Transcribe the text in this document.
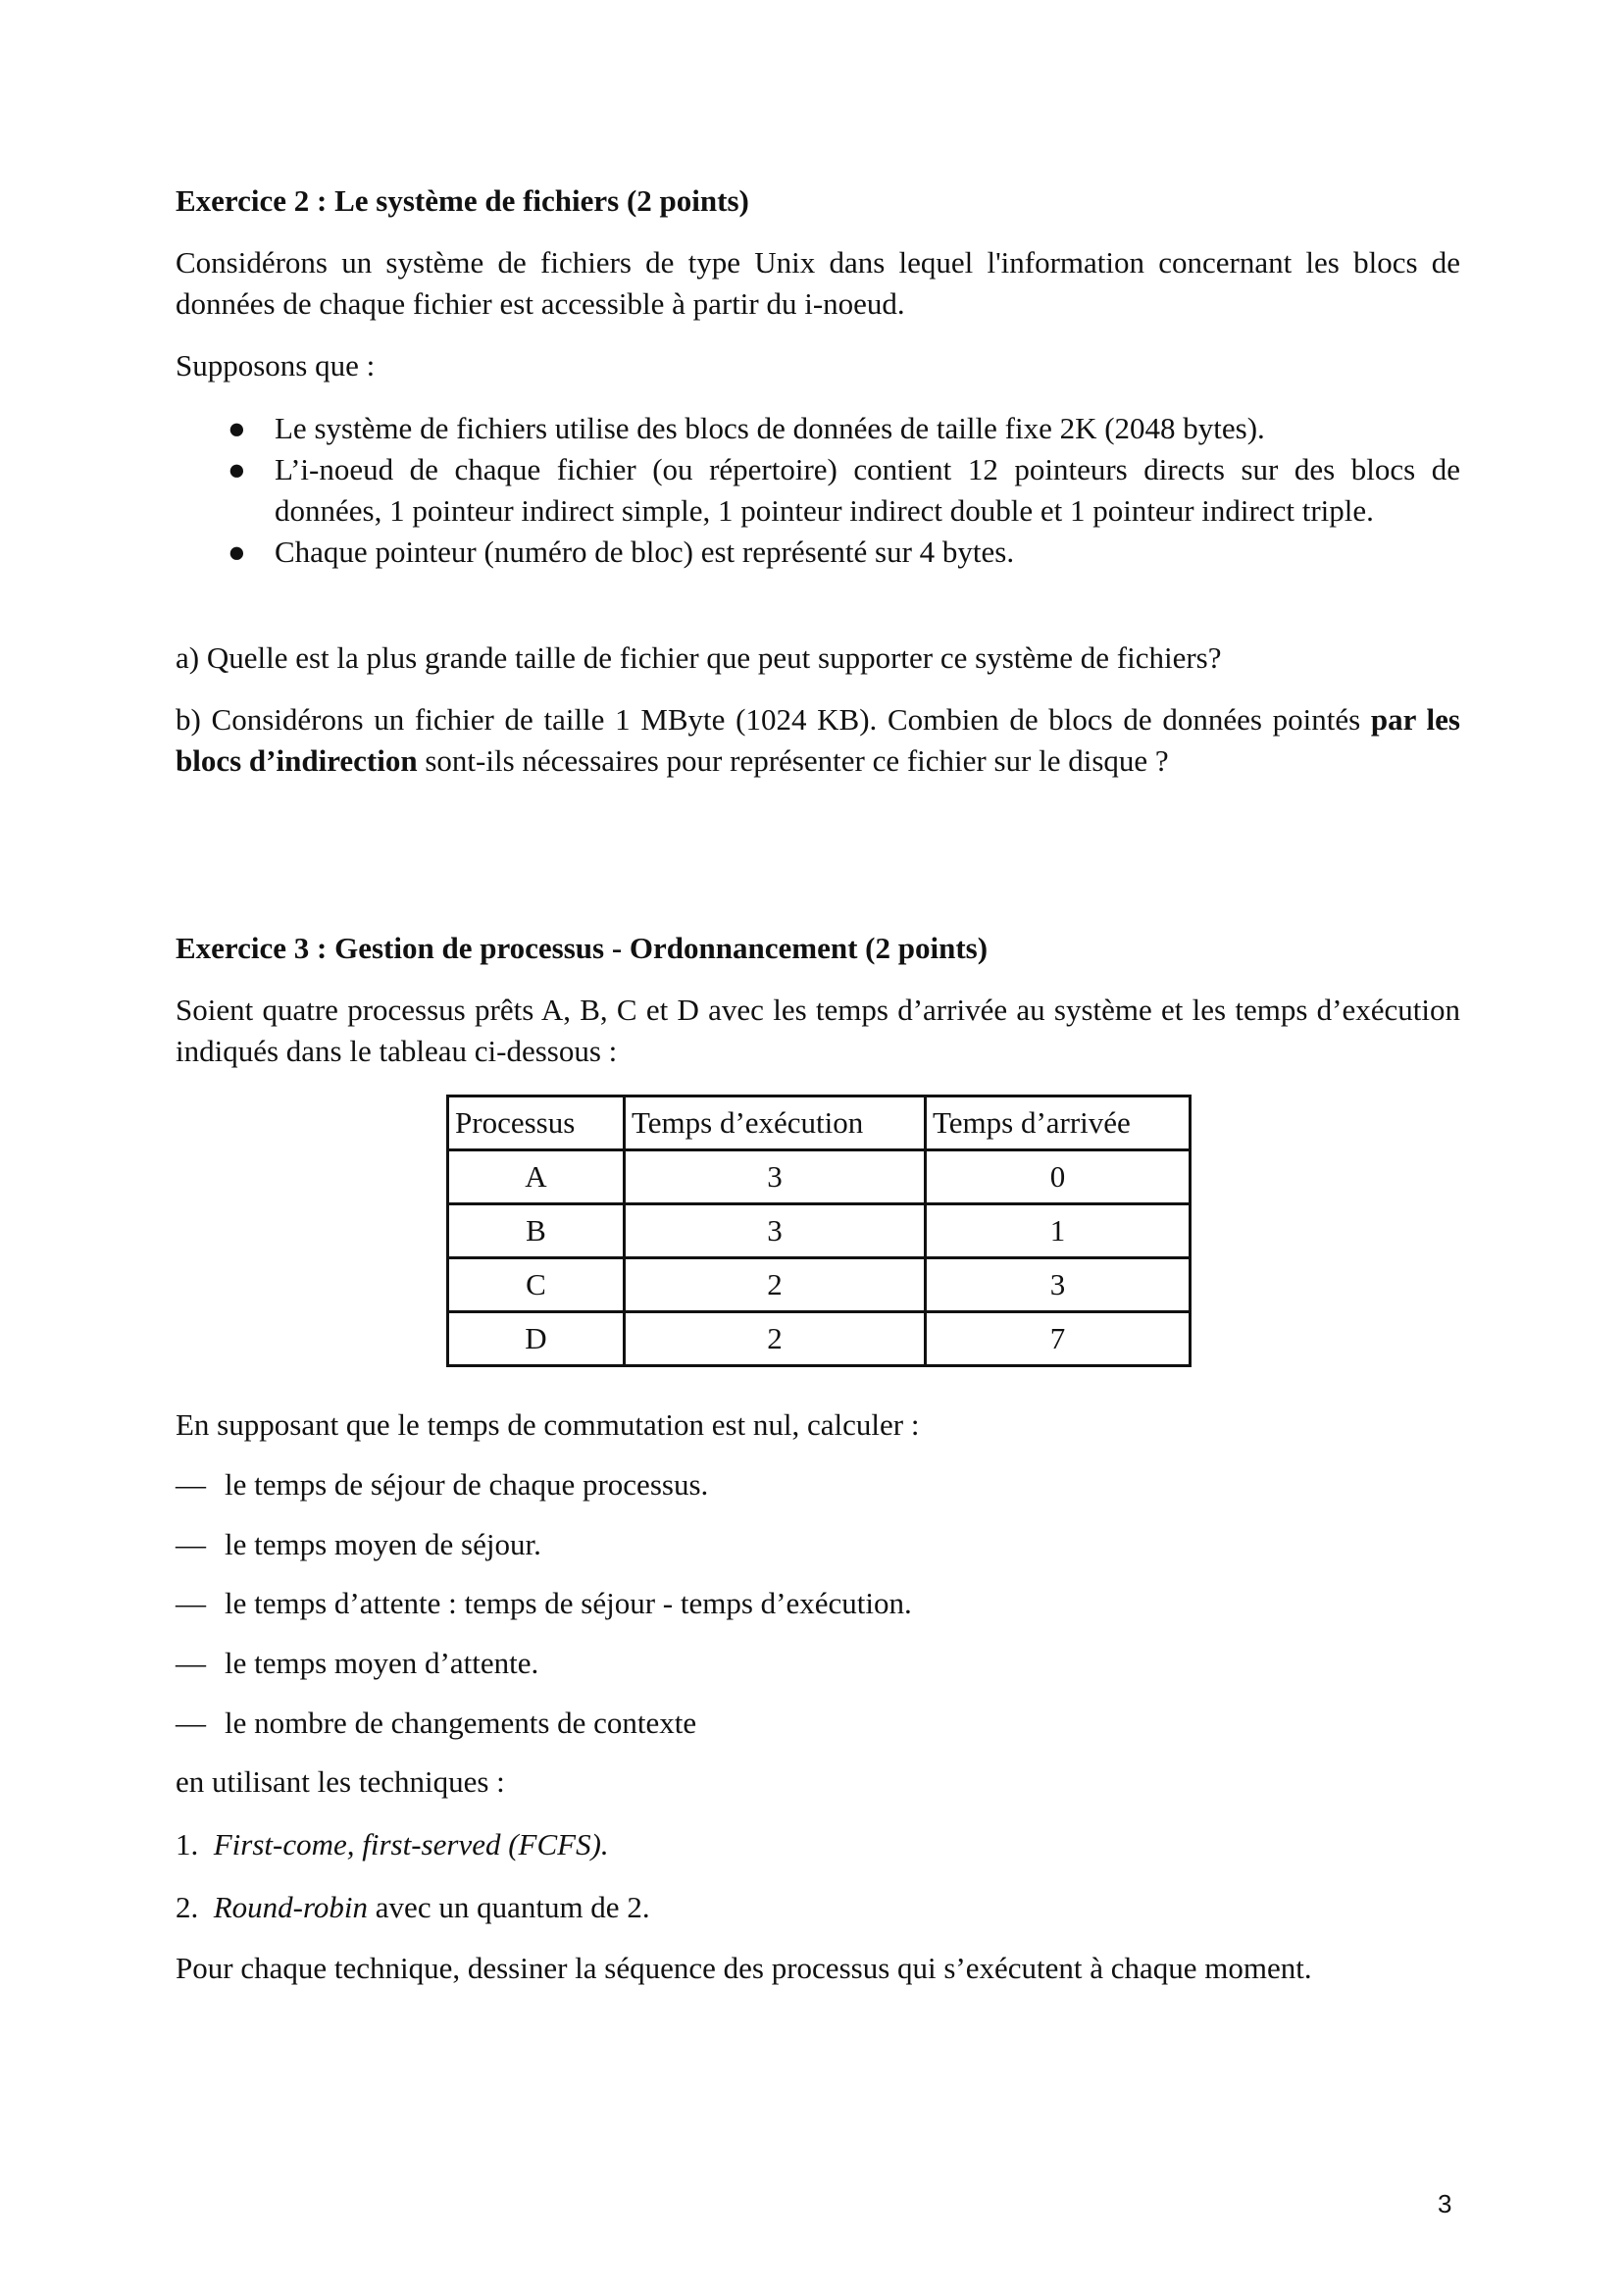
Exercice 2 : Le système de fichiers (2 points)
Considérons un système de fichiers de type Unix dans lequel l'information concernant les blocs de données de chaque fichier est accessible à partir du i-noeud.
Supposons que :
● Le système de fichiers utilise des blocs de données de taille fixe 2K (2048 bytes).
● L’i-noeud de chaque fichier (ou répertoire) contient 12 pointeurs directs sur des blocs de données, 1 pointeur indirect simple, 1 pointeur indirect double et 1 pointeur indirect triple.
● Chaque pointeur (numéro de bloc) est représenté sur 4 bytes.
a) Quelle est la plus grande taille de fichier que peut supporter ce système de fichiers?
b) Considérons un fichier de taille 1 MByte (1024 KB). Combien de blocs de données pointés par les blocs d’indirection sont-ils nécessaires pour représenter ce fichier sur le disque ?
Exercice 3 : Gestion de processus - Ordonnancement (2 points)
Soient quatre processus prêts A, B, C et D avec les temps d’arrivée au système et les temps d’exécution indiqués dans le tableau ci-dessous :
Processus	Temps d’exécution	Temps d’arrivée
A	3	0
B	3	1
C	2	3
D	2	7
En supposant que le temps de commutation est nul, calculer :
— le temps de séjour de chaque processus.
— le temps moyen de séjour.
— le temps d’attente : temps de séjour - temps d’exécution.
— le temps moyen d’attente.
— le nombre de changements de contexte
en utilisant les techniques :
1. First-come, first-served (FCFS).
2. Round-robin avec un quantum de 2.
Pour chaque technique, dessiner la séquence des processus qui s’exécutent à chaque moment.
3
